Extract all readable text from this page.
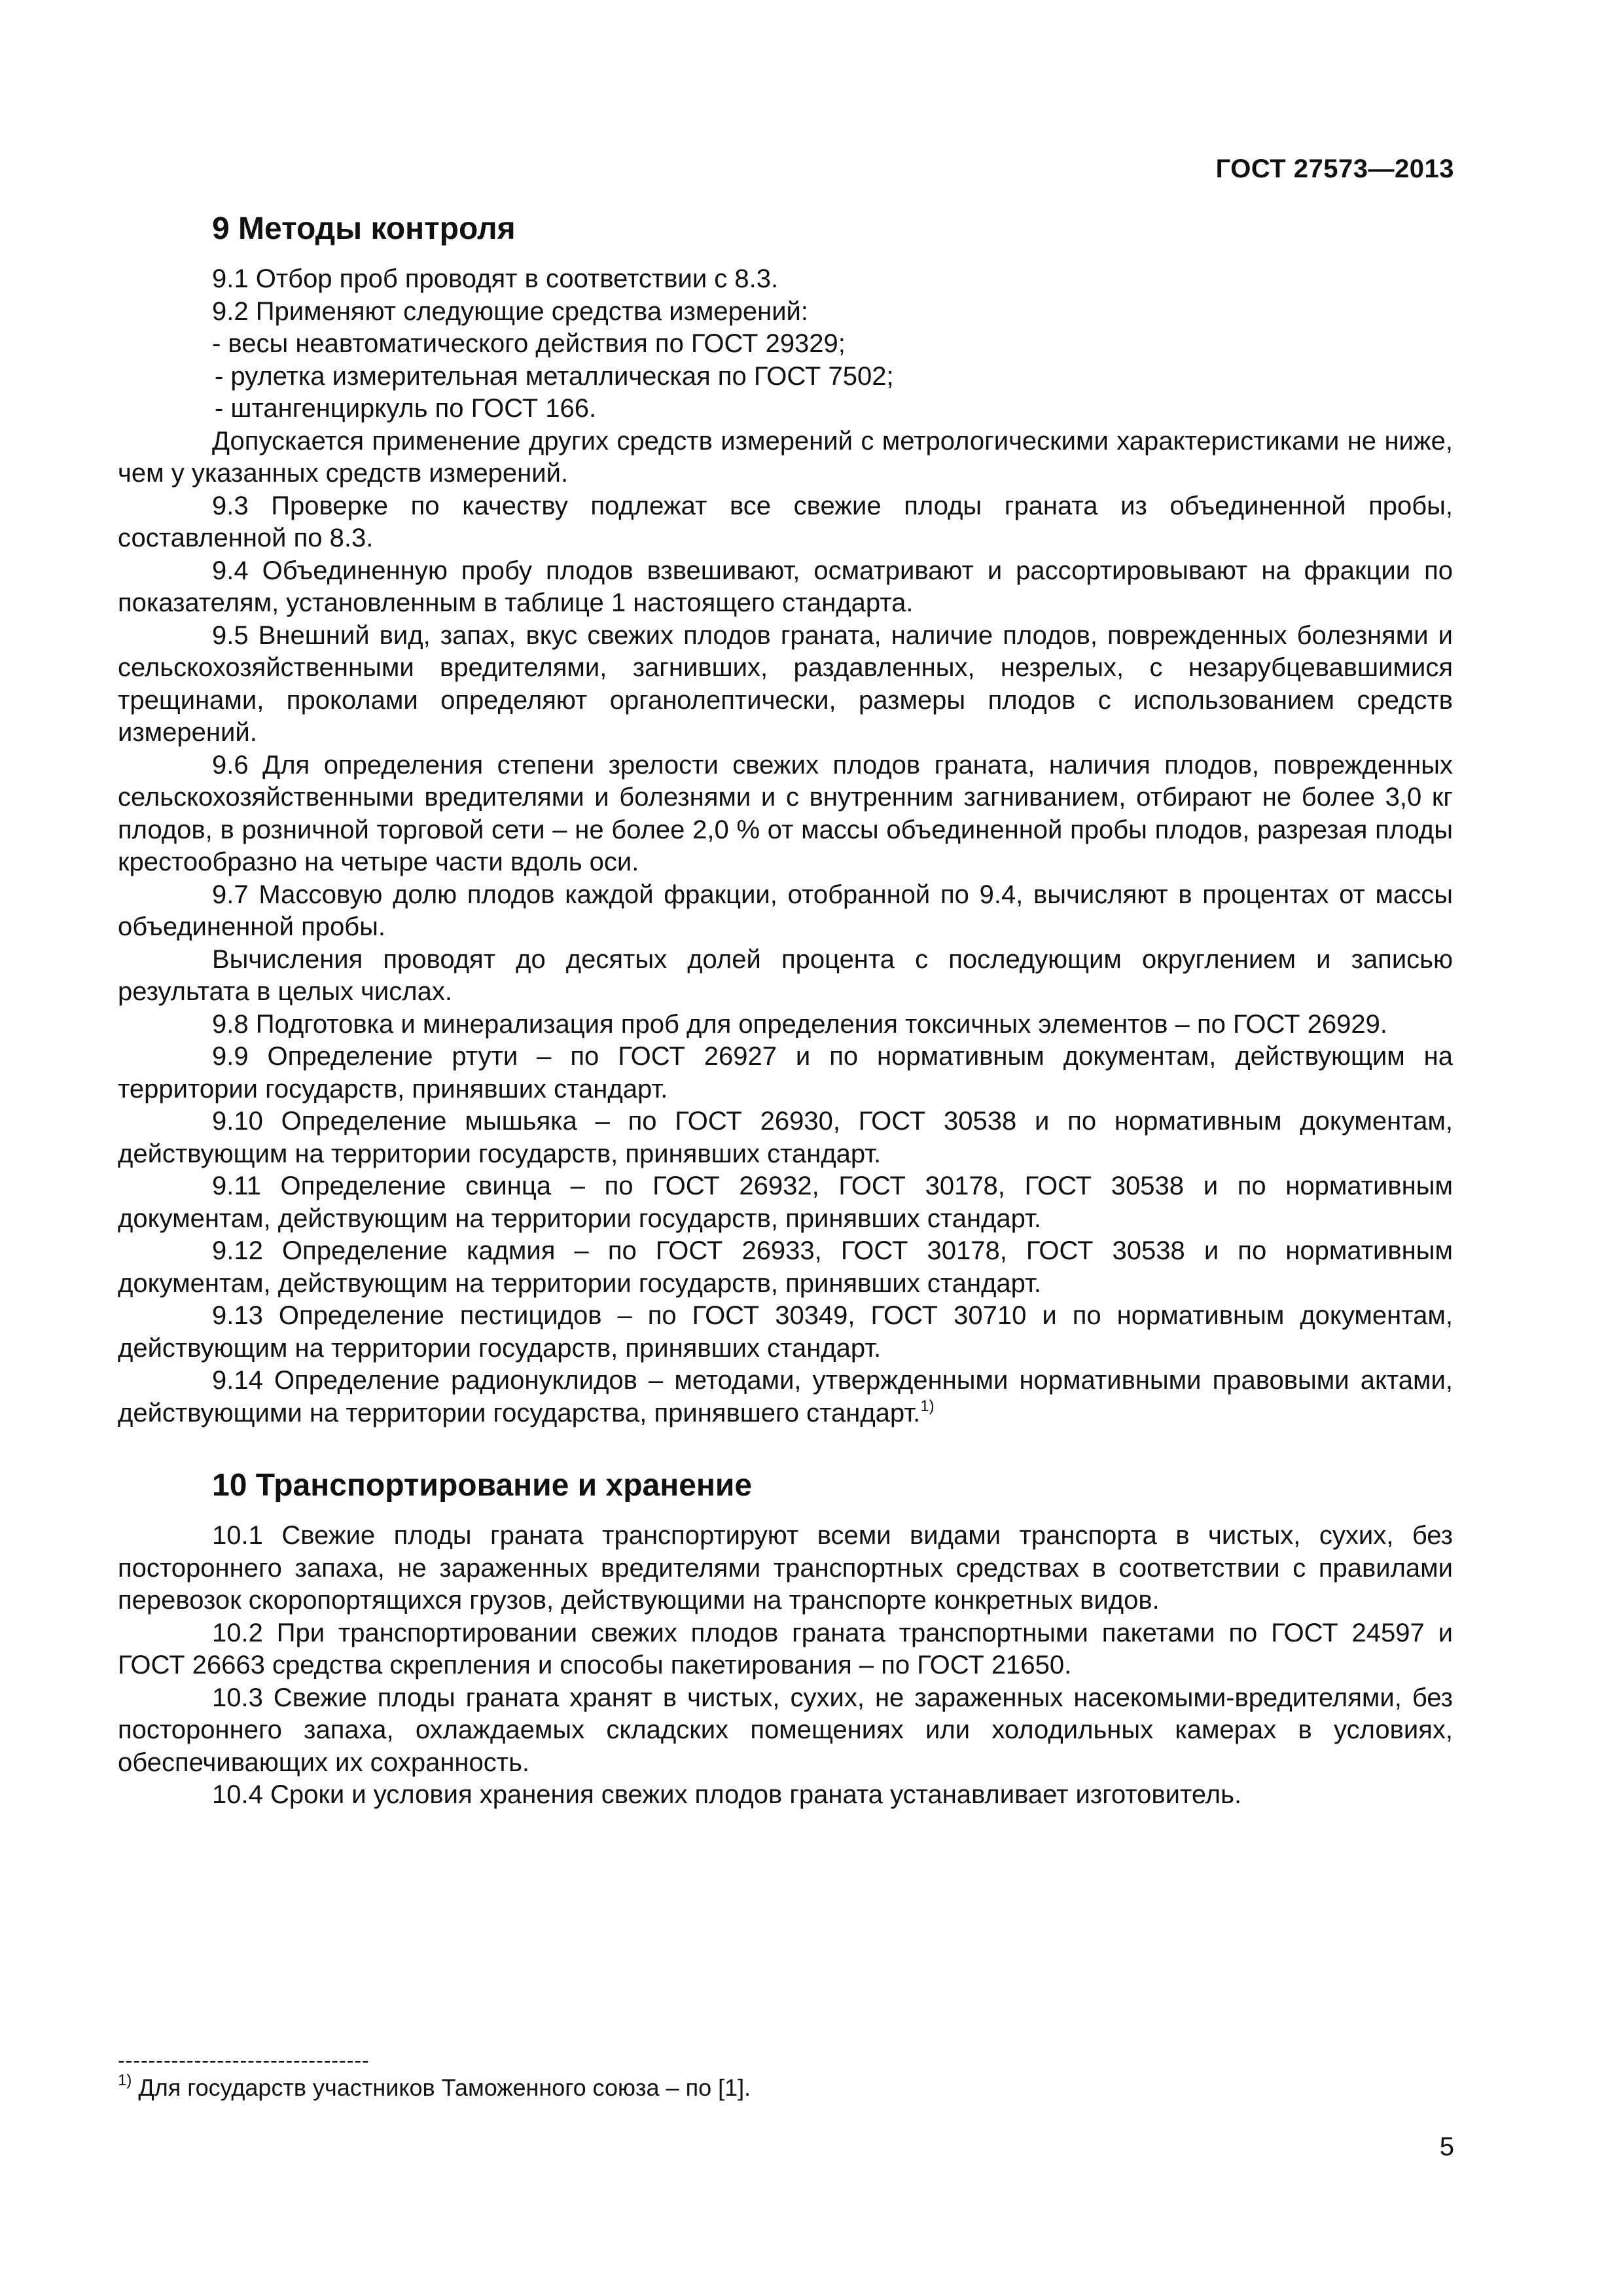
ГОСТ 27573—2013
9 Методы контроля

9.1 Отбор проб проводят в соответствии с 8.3.

9.2 Применяют следующие средства измерений:

- весы неавтоматического действия по ГОСТ 29329;

- рулетка измерительная металлическая по ГОСТ 7502;

- штангенциркуль по ГОСТ 166.

Допускается применение других средств измерений с метрологическими характеристиками не ниже, чем у указанных средств измерений.

9.3 Проверке по качеству подлежат все свежие плоды граната из объединенной пробы, составленной по 8.3.

9.4 Объединенную пробу плодов взвешивают, осматривают и рассортировывают на фракции по показателям, установленным в таблице 1 настоящего стандарта.

9.5 Внешний вид, запах, вкус свежих плодов граната, наличие плодов, поврежденных болезнями и сельскохозяйственными вредителями, загнивших, раздавленных, незрелых, с незарубцевавшимися трещинами, проколами определяют органолептически, размеры плодов с использованием средств измерений.

9.6 Для определения степени зрелости свежих плодов граната, наличия плодов, поврежденных сельскохозяйственными вредителями и болезнями и с внутренним загниванием, отбирают не более 3,0 кг плодов, в розничной торговой сети – не более 2,0 % от массы объединенной пробы плодов, разрезая плоды крестообразно на четыре части вдоль оси.

9.7 Массовую долю плодов каждой фракции, отобранной по 9.4, вычисляют в процентах от массы объединенной пробы.

Вычисления проводят до десятых долей процента с последующим округлением и записью результата в целых числах.

9.8 Подготовка и минерализация проб для определения токсичных элементов – по ГОСТ 26929.

9.9 Определение ртути – по ГОСТ 26927 и по нормативным документам, действующим на территории государств, принявших стандарт.

9.10 Определение мышьяка – по ГОСТ 26930, ГОСТ 30538 и по нормативным документам, действующим на территории государств, принявших стандарт.

9.11 Определение свинца – по ГОСТ 26932, ГОСТ 30178, ГОСТ 30538 и по нормативным документам, действующим на территории государств, принявших стандарт.

9.12 Определение кадмия – по ГОСТ 26933, ГОСТ 30178, ГОСТ 30538 и по нормативным документам, действующим на территории государств, принявших стандарт.

9.13 Определение пестицидов – по ГОСТ 30349, ГОСТ 30710 и по нормативным документам, действующим на территории государств, принявших стандарт.

9.14 Определение радионуклидов – методами, утвержденными нормативными правовыми актами, действующими на территории государства, принявшего стандарт.$^{1)}$

10 Транспортирование и хранение

10.1 Свежие плоды граната транспортируют всеми видами транспорта в чистых, сухих, без постороннего запаха, не зараженных вредителями транспортных средствах в соответствии с правилами перевозок скоропортящихся грузов, действующими на транспорте конкретных видов.

10.2 При транспортировании свежих плодов граната транспортными пакетами по ГОСТ 24597 и ГОСТ 26663 средства скрепления и способы пакетирования – по ГОСТ 21650.

10.3 Свежие плоды граната хранят в чистых, сухих, не зараженных насекомыми-вредителями, без постороннего запаха, охлаждаемых складских помещениях или холодильных камерах в условиях, обеспечивающих их сохранность.

10.4 Сроки и условия хранения свежих плодов граната устанавливает изготовитель.

---------------------------------
$^{1)}$ Для государств участников Таможенного союза – по [1].
5
